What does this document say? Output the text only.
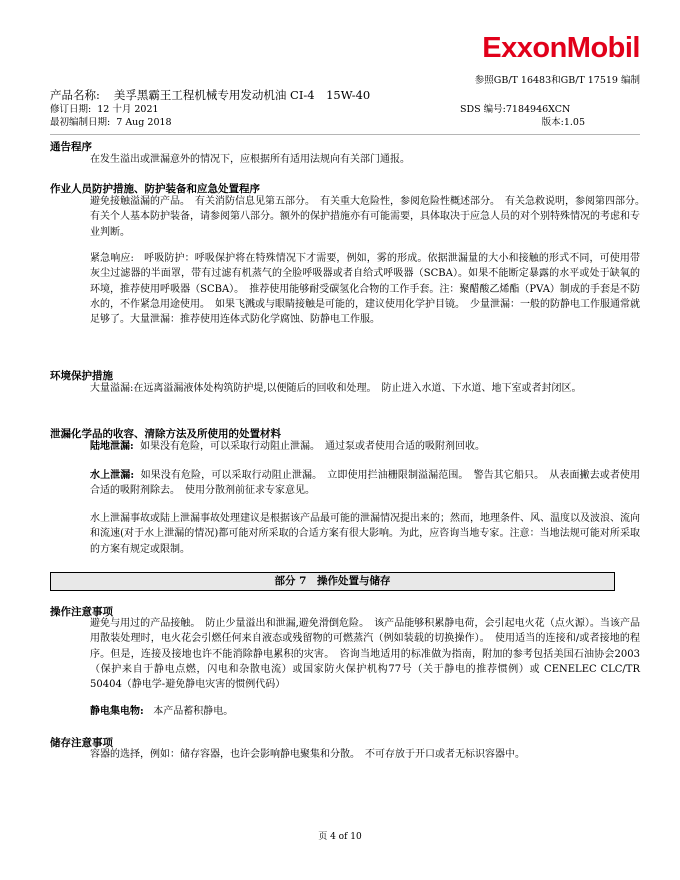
ExxonMobil
参照GB/T 16483和GB/T 17519 编制
产品名称: 美孚黑霸王工程机械专用发动机油 CI-4　15W-40
修订日期: 12 十月 2021	SDS 编号:7184946XCN
最初编制日期: 7 Aug 2018	版本:1.05
通告程序
在发生溢出或泄漏意外的情况下，应根据所有适用法规向有关部门通报。
作业人员防护措施、防护装备和应急处置程序
避免接触溢漏的产品。　有关消防信息见第五部分。　有关重大危险性，参阅危险性概述部分。　有关急救说明，参阅第四部分。　有关个人基本防护装备，请参阅第八部分。额外的保护措施亦有可能需要，具体取决于应急人员的对个别特殊情况的考虑和专业判断。
紧急响应:　呼吸防护：呼吸保护将在特殊情况下才需要，例如，雾的形成。依据泄漏量的大小和接触的形式不同，可使用带灰尘过滤器的半面罩，带有过滤有机蒸气的全脸呼吸器或者自给式呼吸器（SCBA）。如果不能断定暴露的水平或处于缺氧的环境，推荐使用呼吸器（SCBA）。　推荐使用能够耐受碳氢化合物的工作手套。注：聚醋酸乙烯酯（PVA）制成的手套是不防水的，不作紧急用途使用。　如果飞溅或与眼睛接触是可能的，建议使用化学护目镜。　少量泄漏：一般的防静电工作服通常就足够了。大量泄漏：推荐使用连体式防化学腐蚀、防静电工作服。
环境保护措施
大量溢漏:在远离溢漏液体处构筑防护堤,以便随后的回收和处理。　防止进入水道、下水道、地下室或者封闭区。
泄漏化学品的收容、清除方法及所使用的处置材料
陆地泄漏: 如果没有危险，可以采取行动阻止泄漏。　通过泵或者使用合适的吸附剂回收。
水上泄漏: 如果没有危险，可以采取行动阻止泄漏。　立即使用拦油栅限制溢漏范围。　警告其它船只。　从表面撇去或者使用合适的吸附剂除去。　使用分散剂前征求专家意见。
水上泄漏事故或陆上泄漏事故处理建议是根据该产品最可能的泄漏情况提出来的；然而，地理条件、风、温度以及波浪、流向和流速(对于水上泄漏的情况)都可能对所采取的合适方案有很大影响。为此，应咨询当地专家。注意：当地法规可能对所采取的方案有规定或限制。
部分 7　操作处置与储存
操作注意事项
避免与用过的产品接触。　防止少量溢出和泄漏,避免滑倒危险。　该产品能够积累静电荷，会引起电火花（点火源）。当该产品用散装处理时，电火花会引燃任何来自液态或残留物的可燃蒸汽（例如装载的切换操作）。　使用适当的连接和/或者接地的程序。但是，连接及接地也许不能消除静电累积的灾害。　咨询当地适用的标准做为指南，附加的参考包括美国石油协会2003（保护来自于静电点燃，闪电和杂散电流）或国家防火保护机构77号（关于静电的推荐惯例）或 CENELEC CLC/TR 50404（静电学-避免静电灾害的惯例代码）
静电集电物: 本产品蓄积静电。
储存注意事项
容器的选择，例如：储存容器，也许会影响静电聚集和分散。　不可存放于开口或者无标识容器中。
页 4 of 10
